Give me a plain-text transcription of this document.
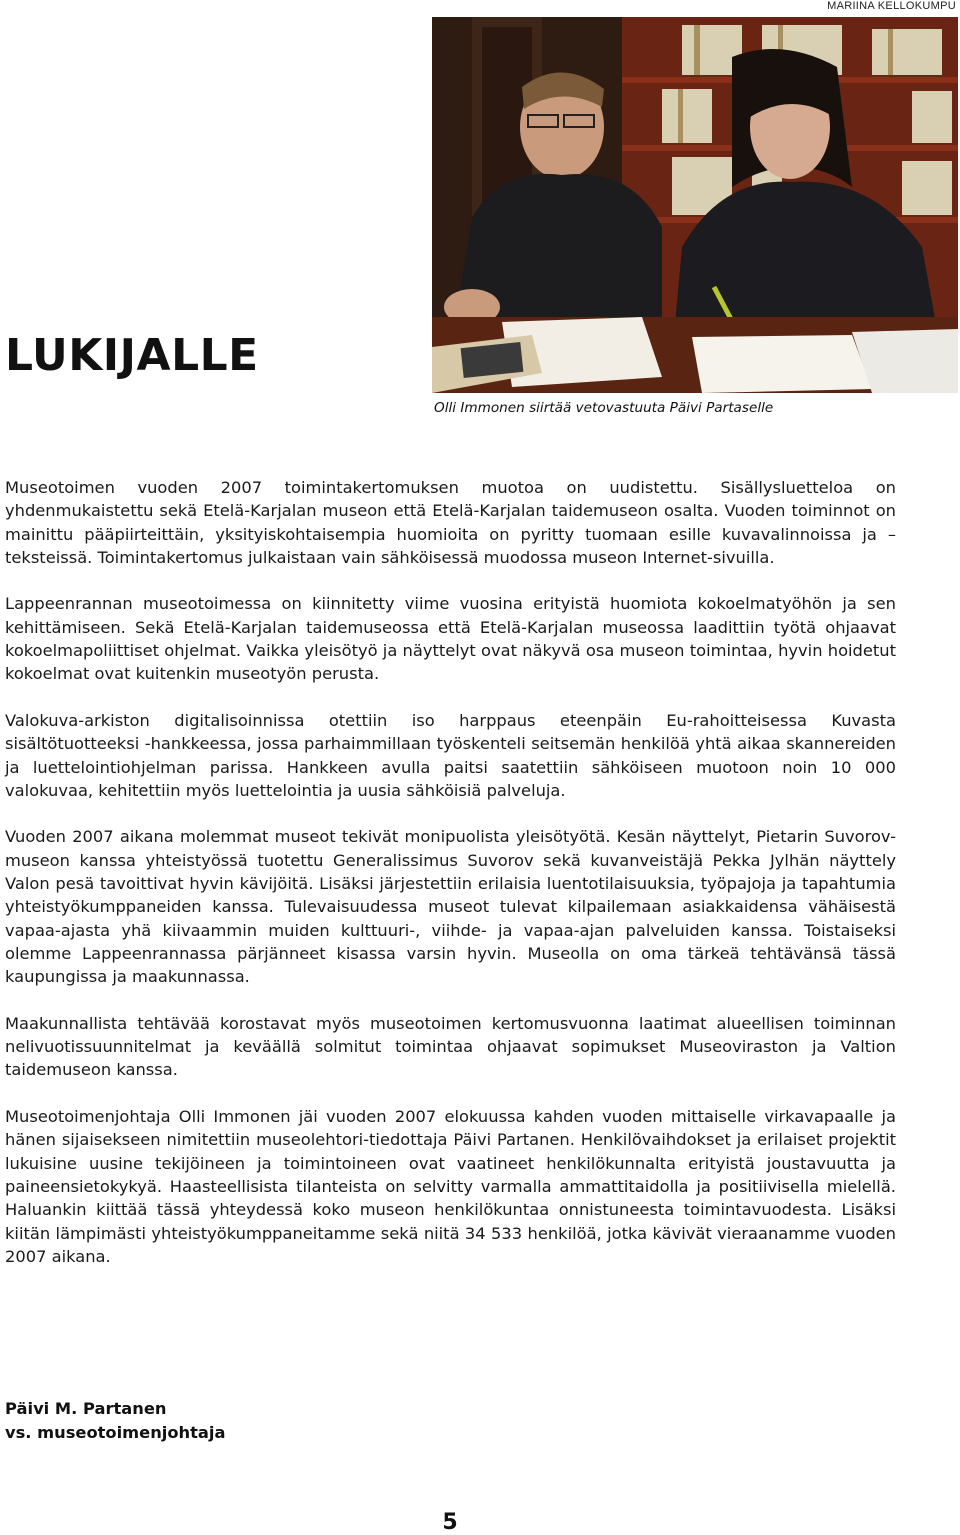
MARIINA KELLOKUMPU
LUKIJALLE
Olli Immonen siirtää vetovastuuta Päivi Partaselle

Museotoimen vuoden 2007 toimintakertomuksen muotoa on uudistettu. Sisällysluetteloa on yhdenmukaistettu sekä Etelä-Karjalan museon että Etelä-Karjalan taidemuseon osalta. Vuoden toiminnot on mainittu pääpiirteittäin, yksityiskohtaisempia huomioita on pyritty tuomaan esille kuvavalinnoissa ja – teksteissä. Toimintakertomus julkaistaan vain sähköisessä muodossa museon Internet-sivuilla.

Lappeenrannan museotoimessa on kiinnitetty viime vuosina erityistä huomiota kokoelmatyöhön ja sen kehittämiseen. Sekä Etelä-Karjalan taidemuseossa että Etelä-Karjalan museossa laadittiin työtä ohjaavat kokoelmapoliittiset ohjelmat. Vaikka yleisötyö ja näyttelyt ovat näkyvä osa museon toimintaa, hyvin hoidetut kokoelmat ovat kuitenkin museotyön perusta.

Valokuva-arkiston digitalisoinnissa otettiin iso harppaus eteenpäin Eu-rahoitteisessa Kuvasta sisältötuotteeksi -hankkeessa, jossa parhaimmillaan työskenteli seitsemän henkilöä yhtä aikaa skannereiden ja luettelointiohjelman parissa. Hankkeen avulla paitsi saatettiin sähköiseen muotoon noin 10 000 valokuvaa, kehitettiin myös luettelointia ja uusia sähköisiä palveluja.

Vuoden 2007 aikana molemmat museot tekivät monipuolista yleisötyötä. Kesän näyttelyt, Pietarin Suvorov-museon kanssa yhteistyössä tuotettu Generalissimus Suvorov sekä kuvanveistäjä Pekka Jylhän näyttely Valon pesä tavoittivat hyvin kävijöitä. Lisäksi järjestettiin erilaisia luentotilaisuuksia, työpajoja ja tapahtumia yhteistyökumppaneiden kanssa. Tulevaisuudessa museot tulevat kilpailemaan asiakkaidensa vähäisestä vapaa-ajasta yhä kiivaammin muiden kulttuuri-, viihde- ja vapaa-ajan palveluiden kanssa. Toistaiseksi olemme Lappeenrannassa pärjänneet kisassa varsin hyvin. Museolla on oma tärkeä tehtävänsä tässä kaupungissa ja maakunnassa.

Maakunnallista tehtävää korostavat myös museotoimen kertomusvuonna laatimat alueellisen toiminnan nelivuotissuunnitelmat ja keväällä solmitut toimintaa ohjaavat sopimukset Museoviraston ja Valtion taidemuseon kanssa.

Museotoimenjohtaja Olli Immonen jäi vuoden 2007 elokuussa kahden vuoden mittaiselle virkavapaalle ja hänen sijaisekseen nimitettiin museolehtori-tiedottaja Päivi Partanen. Henkilövaihdokset ja erilaiset projektit lukuisine uusine tekijöineen ja toimintoineen ovat vaatineet henkilökunnalta erityistä joustavuutta ja paineensietokykyä. Haasteellisista tilanteista on selvitty varmalla ammattitaidolla ja positiivisella mielellä. Haluankin kiittää tässä yhteydessä koko museon henkilökuntaa onnistuneesta toimintavuodesta. Lisäksi kiitän lämpimästi yhteistyökumppaneitamme sekä niitä 34 533 henkilöä, jotka kävivät vieraanamme vuoden 2007 aikana.

Päivi M. Partanen
vs. museotoimenjohtaja
5
